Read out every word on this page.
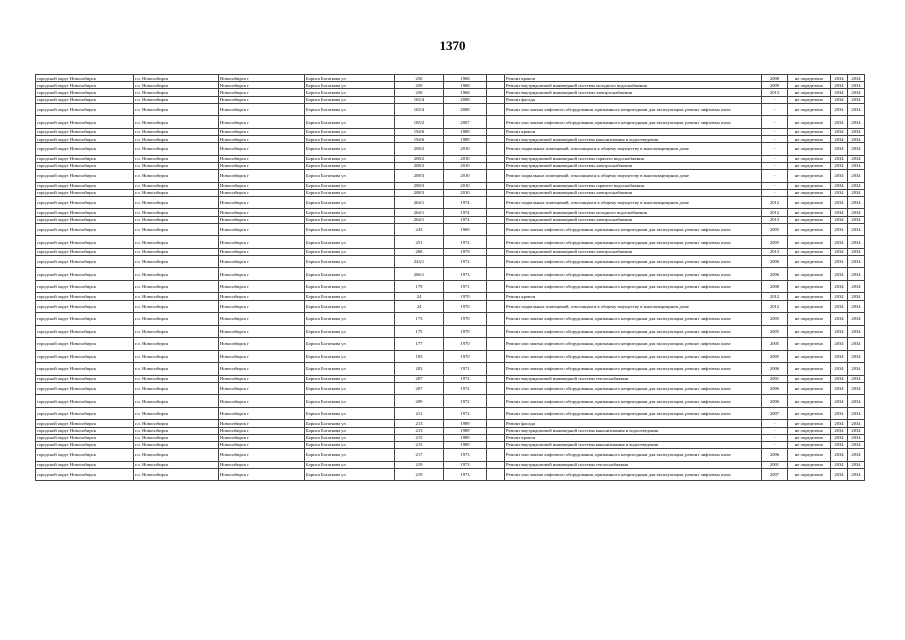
1370
городской округ Новосибирск	г.о. Новосибирск	Новосибирск г	Бориса Богаткова ул	250	1968		Ремонт кровли	2008	не определено	2034	2034
городской округ Новосибирск	г.о. Новосибирск	Новосибирск г	Бориса Богаткова ул	250	1968		Ремонт внутридомовой инженерной системы холодного водоснабжения	2009	не определено	2034	2034
городской округ Новосибирск	г.о. Новосибирск	Новосибирск г	Бориса Богаткова ул	250	1968		Ремонт внутридомовой инженерной системы электроснабжения	2013	не определено	2034	2034
городской округ Новосибирск	г.о. Новосибирск	Новосибирск г	Бориса Богаткова ул	165/4	2008		Ремонт фасада	-	не определено	2034	2034
городской округ Новосибирск	г.о. Новосибирск	Новосибирск г	Бориса Богаткова ул	165/4	2008		Ремонт или замена лифтового оборудования, признанного непригодным для эксплуатации, ремонт лифтовых шахт	-	не определено	2034	2034
городской округ Новосибирск	г.о. Новосибирск	Новосибирск г	Бориса Богаткова ул	185/2	2007		Ремонт или замена лифтового оборудования, признанного непригодным для эксплуатации, ремонт лифтовых шахт	-	не определено	2034	2034
городской округ Новосибирск	г.о. Новосибирск	Новосибирск г	Бориса Богаткова ул	194/6	1989		Ремонт кровли	-	не определено	2034	2034
городской округ Новосибирск	г.о. Новосибирск	Новосибирск г	Бориса Богаткова ул	194/6	1989		Ремонт внутридомовой инженерной системы канализования и водоотведения	-	не определено	2034	2034
городской округ Новосибирск	г.о. Новосибирск	Новосибирск г	Бориса Богаткова ул	208/2	2010		Ремонт подвальных помещений, относящихся к общему имуществу в многоквартирном доме	-	не определено	2034	2034
городской округ Новосибирск	г.о. Новосибирск	Новосибирск г	Бориса Богаткова ул	208/2	2010		Ремонт внутридомовой инженерной системы горячего водоснабжения	-	не определено	2034	2034
городской округ Новосибирск	г.о. Новосибирск	Новосибирск г	Бориса Богаткова ул	208/2	2010		Ремонт внутридомовой инженерной системы электроснабжения	-	не определено	2034	2034
городской округ Новосибирск	г.о. Новосибирск	Новосибирск г	Бориса Богаткова ул	208/3	2010		Ремонт подвальных помещений, относящихся к общему имуществу в многоквартирном доме	-	не определено	2034	2034
городской округ Новосибирск	г.о. Новосибирск	Новосибирск г	Бориса Богаткова ул	208/3	2010		Ремонт внутридомовой инженерной системы горячего водоснабжения	-	не определено	2034	2034
городской округ Новосибирск	г.о. Новосибирск	Новосибирск г	Бориса Богаткова ул	208/3	2010		Ремонт внутридомовой инженерной системы электроснабжения	-	не определено	2034	2034
городской округ Новосибирск	г.о. Новосибирск	Новосибирск г	Бориса Богаткова ул	264/1	1974		Ремонт подвальных помещений, относящихся к общему имуществу в многоквартирном доме	2012	не определено	2034	2034
городской округ Новосибирск	г.о. Новосибирск	Новосибирск г	Бориса Богаткова ул	264/1	1974		Ремонт внутридомовой инженерной системы холодного водоснабжения	2012	не определено	2034	2034
городской округ Новосибирск	г.о. Новосибирск	Новосибирск г	Бориса Богаткова ул	264/1	1974		Ремонт внутридомовой инженерной системы электроснабжения	2013	не определено	2034	2034
городской округ Новосибирск	г.о. Новосибирск	Новосибирск г	Бориса Богаткова ул	243	1969		Ремонт или замена лифтового оборудования, признанного непригодным для эксплуатации, ремонт лифтовых шахт	2005	не определено	2034	2034
городской округ Новосибирск	г.о. Новосибирск	Новосибирск г	Бориса Богаткова ул	251	1972		Ремонт или замена лифтового оборудования, признанного непригодным для эксплуатации, ремонт лифтовых шахт	2005	не определено	2034	2034
городской округ Новосибирск	г.о. Новосибирск	Новосибирск г	Бориса Богаткова ул	268	1979		Ремонт внутридомовой инженерной системы электроснабжения	2013	не определено	2034	2034
городской округ Новосибирск	г.о. Новосибирск	Новосибирск г	Бориса Богаткова ул	243/1	1972		Ремонт или замена лифтового оборудования, признанного непригодным для эксплуатации, ремонт лифтовых шахт	2006	не определено	2034	2034
городской округ Новосибирск	г.о. Новосибирск	Новосибирск г	Бориса Богаткова ул	266/1	1973		Ремонт или замена лифтового оборудования, признанного непригодным для эксплуатации, ремонт лифтовых шахт	2006	не определено	2034	2034
городской округ Новосибирск	г.о. Новосибирск	Новосибирск г	Бориса Богаткова ул	179	1971		Ремонт или замена лифтового оборудования, признанного непригодным для эксплуатации, ремонт лифтовых шахт	2008	не определено	2034	2034
городской округ Новосибирск	г.о. Новосибирск	Новосибирск г	Бориса Богаткова ул	24	1970		Ремонт кровли	2012	не определено	2034	2034
городской округ Новосибирск	г.о. Новосибирск	Новосибирск г	Бориса Богаткова ул	24	1970		Ремонт подвальных помещений, относящихся к общему имуществу в многоквартирном доме	2012	не определено	2034	2034
городской округ Новосибирск	г.о. Новосибирск	Новосибирск г	Бориса Богаткова ул	173	1970		Ремонт или замена лифтового оборудования, признанного непригодным для эксплуатации, ремонт лифтовых шахт	2005	не определено	2034	2034
городской округ Новосибирск	г.о. Новосибирск	Новосибирск г	Бориса Богаткова ул	175	1970		Ремонт или замена лифтового оборудования, признанного непригодным для эксплуатации, ремонт лифтовых шахт	2005	не определено	2034	2034
городской округ Новосибирск	г.о. Новосибирск	Новосибирск г	Бориса Богаткова ул	177	1970		Ремонт или замена лифтового оборудования, признанного непригодным для эксплуатации, ремонт лифтовых шахт	2005	не определено	2034	2034
городской округ Новосибирск	г.о. Новосибирск	Новосибирск г	Бориса Богаткова ул	183	1970		Ремонт или замена лифтового оборудования, признанного непригодным для эксплуатации, ремонт лифтовых шахт	2005	не определено	2034	2034
городской округ Новосибирск	г.о. Новосибирск	Новосибирск г	Бориса Богаткова ул	203	1971		Ремонт или замена лифтового оборудования, признанного непригодным для эксплуатации, ремонт лифтовых шахт	2006	не определено	2034	2034
городской округ Новосибирск	г.о. Новосибирск	Новосибирск г	Бориса Богаткова ул	207	1972		Ремонт внутридомовой инженерной системы теплоснабжения	2001	не определено	2034	2034
городской округ Новосибирск	г.о. Новосибирск	Новосибирск г	Бориса Богаткова ул	207	1972		Ремонт или замена лифтового оборудования, признанного непригодным для эксплуатации, ремонт лифтовых шахт	2006	не определено	2034	2034
городской округ Новосибирск	г.о. Новосибирск	Новосибирск г	Бориса Богаткова ул	209	1972		Ремонт или замена лифтового оборудования, признанного непригодным для эксплуатации, ремонт лифтовых шахт	2006	не определено	2034	2034
городской округ Новосибирск	г.о. Новосибирск	Новосибирск г	Бориса Богаткова ул	211	1972		Ремонт или замена лифтового оборудования, признанного непригодным для эксплуатации, ремонт лифтовых шахт	2007	не определено	2034	2034
городской округ Новосибирск	г.о. Новосибирск	Новосибирск г	Бориса Богаткова ул	213	1989		Ремонт фасада	-	не определено	2034	2034
городской округ Новосибирск	г.о. Новосибирск	Новосибирск г	Бориса Богаткова ул	213	1989		Ремонт внутридомовой инженерной системы канализования и водоотведения	-	не определено	2034	2034
городской округ Новосибирск	г.о. Новосибирск	Новосибирск г	Бориса Богаткова ул	215	1989		Ремонт кровли	-	не определено	2034	2034
городской округ Новосибирск	г.о. Новосибирск	Новосибирск г	Бориса Богаткова ул	215	1989		Ремонт внутридомовой инженерной системы канализования и водоотведения	-	не определено	2034	2034
городской округ Новосибирск	г.о. Новосибирск	Новосибирск г	Бориса Богаткова ул	217	1973		Ремонт или замена лифтового оборудования, признанного непригодным для эксплуатации, ремонт лифтовых шахт	2006	не определено	2034	2034
городской округ Новосибирск	г.о. Новосибирск	Новосибирск г	Бориса Богаткова ул	219	1973		Ремонт внутридомовой инженерной системы теплоснабжения	2001	не определено	2034	2034
городской округ Новосибирск	г.о. Новосибирск	Новосибирск г	Бориса Богаткова ул	219	1973		Ремонт или замена лифтового оборудования, признанного непригодным для эксплуатации, ремонт лифтовых шахт	2007	не определено	2034	2034
